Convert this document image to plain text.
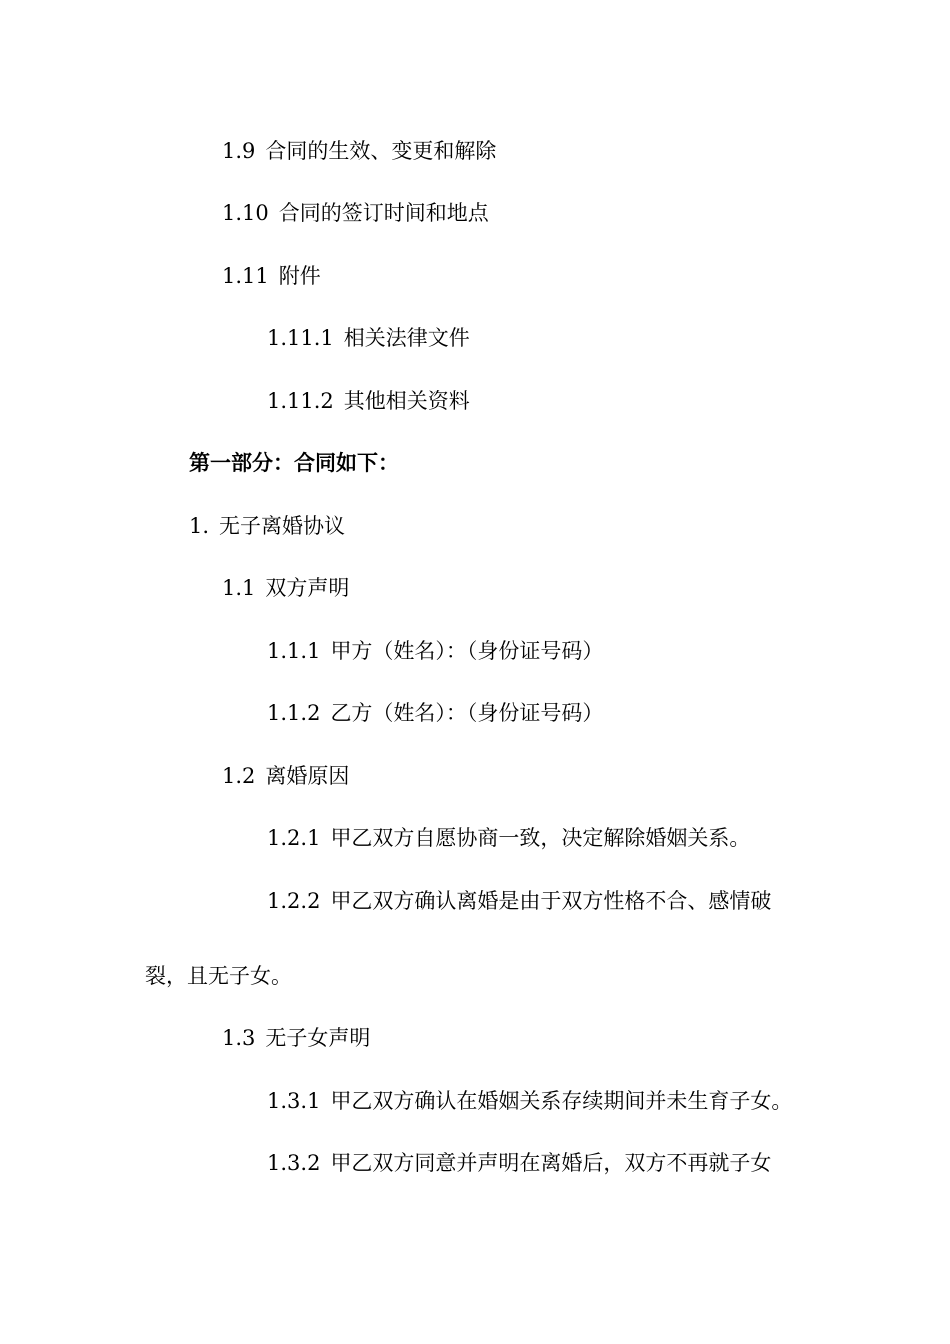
1.9 合同的生效、变更和解除
1.10 合同的签订时间和地点
1.11 附件
1.11.1 相关法律文件
1.11.2 其他相关资料
第一部分：合同如下：
1. 无子离婚协议
1.1 双方声明
1.1.1 甲方（姓名）：（身份证号码）
1.1.2 乙方（姓名）：（身份证号码）
1.2 离婚原因
1.2.1 甲乙双方自愿协商一致，决定解除婚姻关系。
1.2.2 甲乙双方确认离婚是由于双方性格不合、感情破
裂，且无子女。
1.3 无子女声明
1.3.1 甲乙双方确认在婚姻关系存续期间并未生育子女。
1.3.2 甲乙双方同意并声明在离婚后，双方不再就子女
